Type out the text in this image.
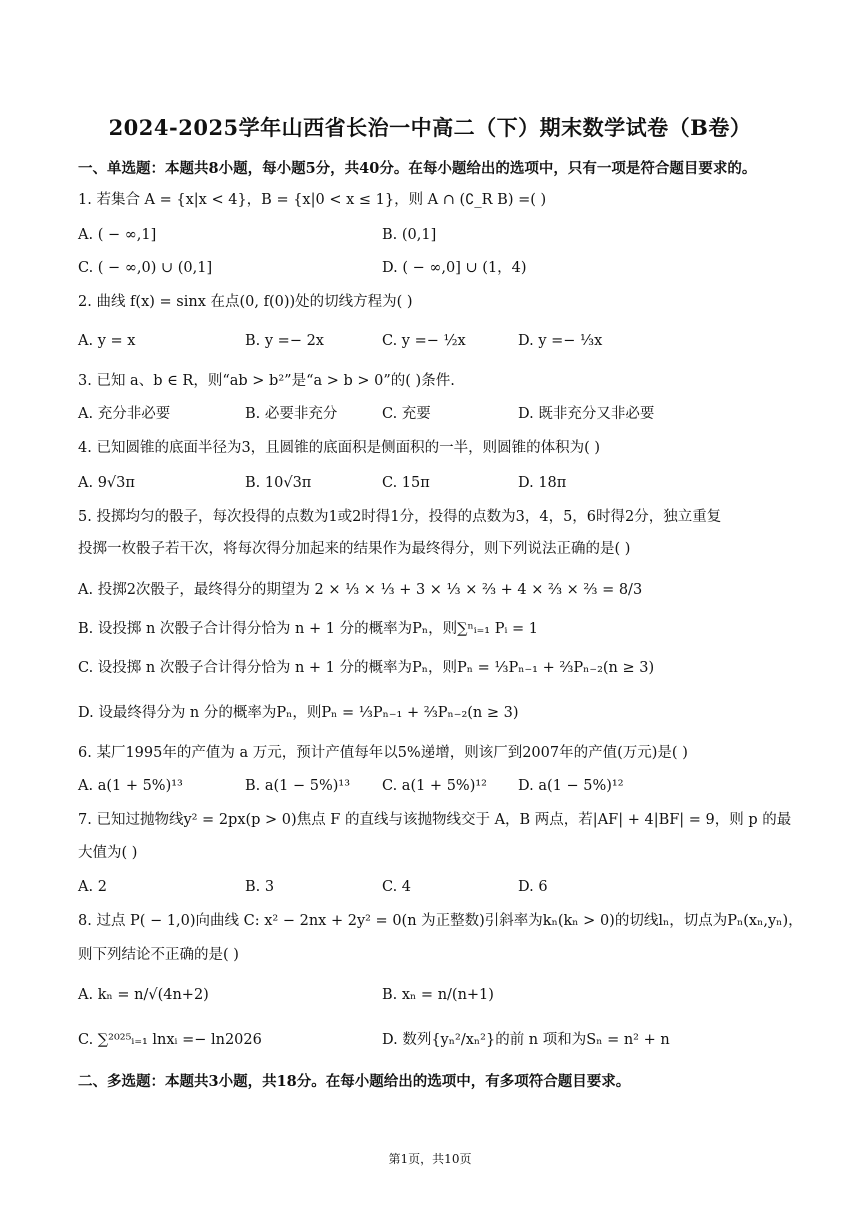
2024-2025学年山西省长治一中高二（下）期末数学试卷（B卷）
一、单选题：本题共8小题，每小题5分，共40分。在每小题给出的选项中，只有一项是符合题目要求的。
1. 若集合 A = {x|x < 4}，B = {x|0 < x ≤ 1}，则 A ∩ (∁_R B) =( )
A. ( − ∞,1]	B. (0,1]
C. ( − ∞,0) ∪ (0,1]	D. ( − ∞,0] ∪ (1，4)
2. 曲线 f(x) = sinx 在点(0, f(0))处的切线方程为( )
A. y = x	B. y =− 2x	C. y =− ½x	D. y =− ⅓x
3. 已知 a、b ∈ R，则“ab > b²”是“a > b > 0”的( )条件.
A. 充分非必要	B. 必要非充分	C. 充要	D. 既非充分又非必要
4. 已知圆锥的底面半径为3，且圆锥的底面积是侧面积的一半，则圆锥的体积为( )
A. 9√3π	B. 10√3π	C. 15π	D. 18π
5. 投掷均匀的骰子，每次投得的点数为1或2时得1分，投得的点数为3，4，5，6时得2分，独立重复
投掷一枚骰子若干次，将每次得分加起来的结果作为最终得分，则下列说法正确的是( )
A. 投掷2次骰子，最终得分的期望为 2 × ⅓ × ⅓ + 3 × ⅓ × ⅔ + 4 × ⅔ × ⅔ = 8/3
B. 设投掷 n 次骰子合计得分恰为 n + 1 分的概率为Pₙ，则∑ⁿᵢ₌₁ Pᵢ = 1
C. 设投掷 n 次骰子合计得分恰为 n + 1 分的概率为Pₙ，则Pₙ = ⅓Pₙ₋₁ + ⅔Pₙ₋₂(n ≥ 3)
D. 设最终得分为 n 分的概率为Pₙ，则Pₙ = ⅓Pₙ₋₁ + ⅔Pₙ₋₂(n ≥ 3)
6. 某厂1995年的产值为 a 万元，预计产值每年以5%递增，则该厂到2007年的产值(万元)是( )
A. a(1 + 5%)¹³	B. a(1 − 5%)¹³ C. a(1 + 5%)¹² D. a(1 − 5%)¹²
7. 已知过抛物线y² = 2px(p > 0)焦点 F 的直线与该抛物线交于 A，B 两点，若|AF| + 4|BF| = 9，则 p 的最
大值为( )
A. 2	B. 3	C. 4	D. 6
8. 过点 P( − 1,0)向曲线 C: x² − 2nx + 2y² = 0(n 为正整数)引斜率为kₙ(kₙ > 0)的切线lₙ，切点为Pₙ(xₙ,yₙ)，
则下列结论不正确的是( )
A. kₙ = n/√(4n+2)	B. xₙ = n/(n+1)
C. ∑²⁰²⁵ᵢ₌₁ lnxᵢ =− ln2026	D. 数列{yₙ²/xₙ²}的前 n 项和为Sₙ = n² + n
二、多选题：本题共3小题，共18分。在每小题给出的选项中，有多项符合题目要求。
第1页，共10页
